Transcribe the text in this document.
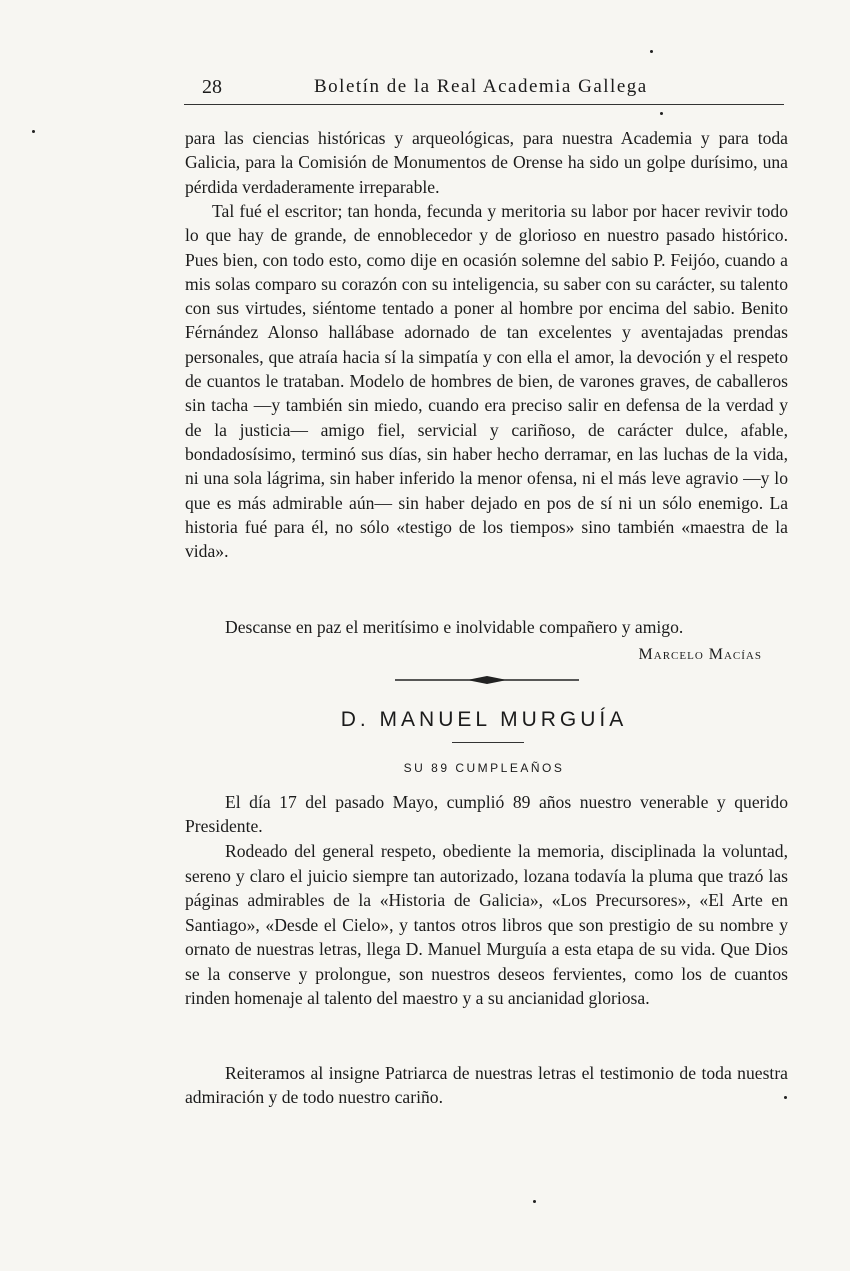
28	Boletín de la Real Academia Gallega

para las ciencias históricas y arqueológicas, para nuestra Academia y para toda Galicia, para la Comisión de Monumentos de Orense ha sido un golpe durísimo, una pérdida verdaderamente irreparable.

Tal fué el escritor; tan honda, fecunda y meritoria su labor por hacer revivir todo lo que hay de grande, de ennoblecedor y de glorioso en nuestro pasado histórico. Pues bien, con todo esto, como dije en ocasión solemne del sabio P. Feijóo, cuando a mis solas comparo su corazón con su inteligencia, su saber con su carácter, su talento con sus virtudes, siéntome tentado a poner al hombre por encima del sabio. Benito Férnández Alonso hallábase adornado de tan excelentes y aventajadas prendas personales, que atraía hacia sí la simpatía y con ella el amor, la devoción y el respeto de cuantos le trataban. Modelo de hombres de bien, de varones graves, de caballeros sin tacha —y también sin miedo, cuando era preciso salir en defensa de la verdad y de la justicia— amigo fiel, servicial y cariñoso, de carácter dulce, afable, bondadosísimo, terminó sus días, sin haber hecho derramar, en las luchas de la vida, ni una sola lágrima, sin haber inferido la menor ofensa, ni el más leve agravio —y lo que es más admirable aún— sin haber dejado en pos de sí ni un sólo enemigo. La historia fué para él, no sólo «testigo de los tiempos» sino también «maestra de la vida».

Descanse en paz el meritísimo e inolvidable compañero y amigo.

Marcelo Macías
D. MANUEL MURGUÍA
SU 89 CUMPLEAÑOS

El día 17 del pasado Mayo, cumplió 89 años nuestro venerable y querido Presidente.

Rodeado del general respeto, obediente la memoria, disciplinada la voluntad, sereno y claro el juicio siempre tan autorizado, lozana todavía la pluma que trazó las páginas admirables de la «Historia de Galicia», «Los Precursores», «El Arte en Santiago», «Desde el Cielo», y tantos otros libros que son prestigio de su nombre y ornato de nuestras letras, llega D. Manuel Murguía a esta etapa de su vida. Que Dios se la conserve y prolongue, son nuestros deseos fervientes, como los de cuantos rinden homenaje al talento del maestro y a su ancianidad gloriosa.

Reiteramos al insigne Patriarca de nuestras letras el testimonio de toda nuestra admiración y de todo nuestro cariño.
